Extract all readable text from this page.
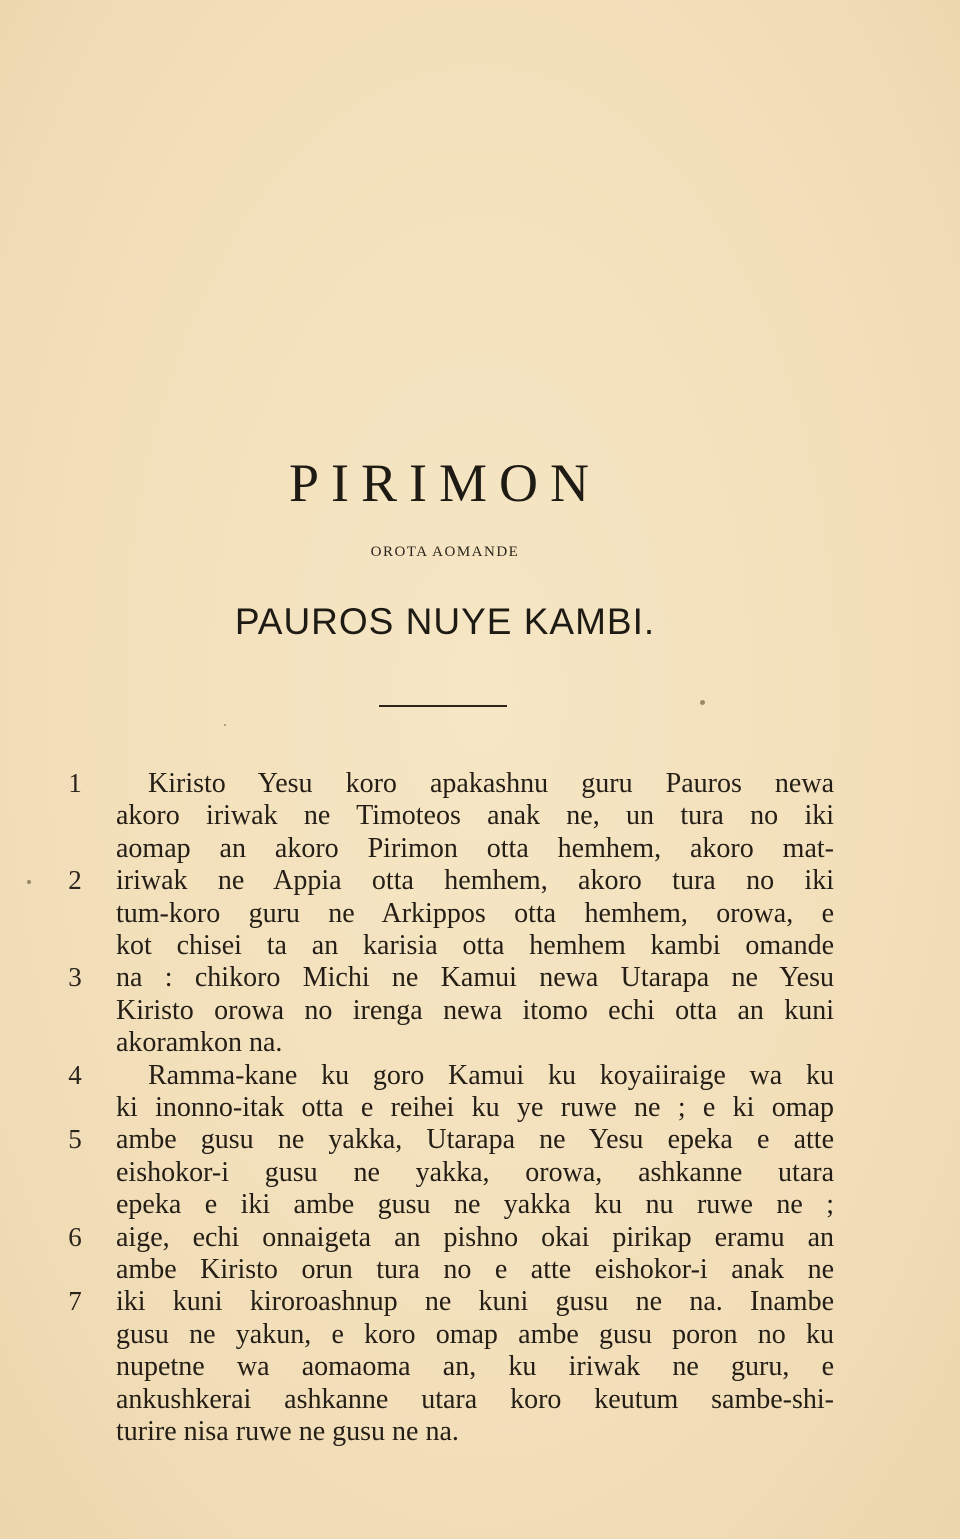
PIRIMON
OROTA AOMANDE
PAUROS NUYE KAMBI.
1
2
3
4
5
6
7
Kiristo Yesu koro apakashnu guru Pauros newa
akoro iriwak ne Timoteos anak ne, un tura no iki
aomap an akoro Pirimon otta hemhem, akoro mat-
iriwak ne Appia otta hemhem, akoro tura no iki
tum-koro guru ne Arkippos otta hemhem, orowa, e
kot chisei ta an karisia otta hemhem kambi omande
na : chikoro Michi ne Kamui newa Utarapa ne Yesu
Kiristo orowa no irenga newa itomo echi otta an kuni
akoramkon na.
Ramma-kane ku goro Kamui ku koyaiiraige wa ku
ki inonno-itak otta e reihei ku ye ruwe ne ; e ki omap
ambe gusu ne yakka, Utarapa ne Yesu epeka e atte
eishokor-i gusu ne yakka, orowa, ashkanne utara
epeka e iki ambe gusu ne yakka ku nu ruwe ne ;
aige, echi onnaigeta an pishno okai pirikap eramu an
ambe Kiristo orun tura no e atte eishokor-i anak ne
iki kuni kiroroashnup ne kuni gusu ne na. Inambe
gusu ne yakun, e koro omap ambe gusu poron no ku
nupetne wa aomaoma an, ku iriwak ne guru, e
ankushkerai ashkanne utara koro keutum sambe-shi-
turire nisa ruwe ne gusu ne na.
